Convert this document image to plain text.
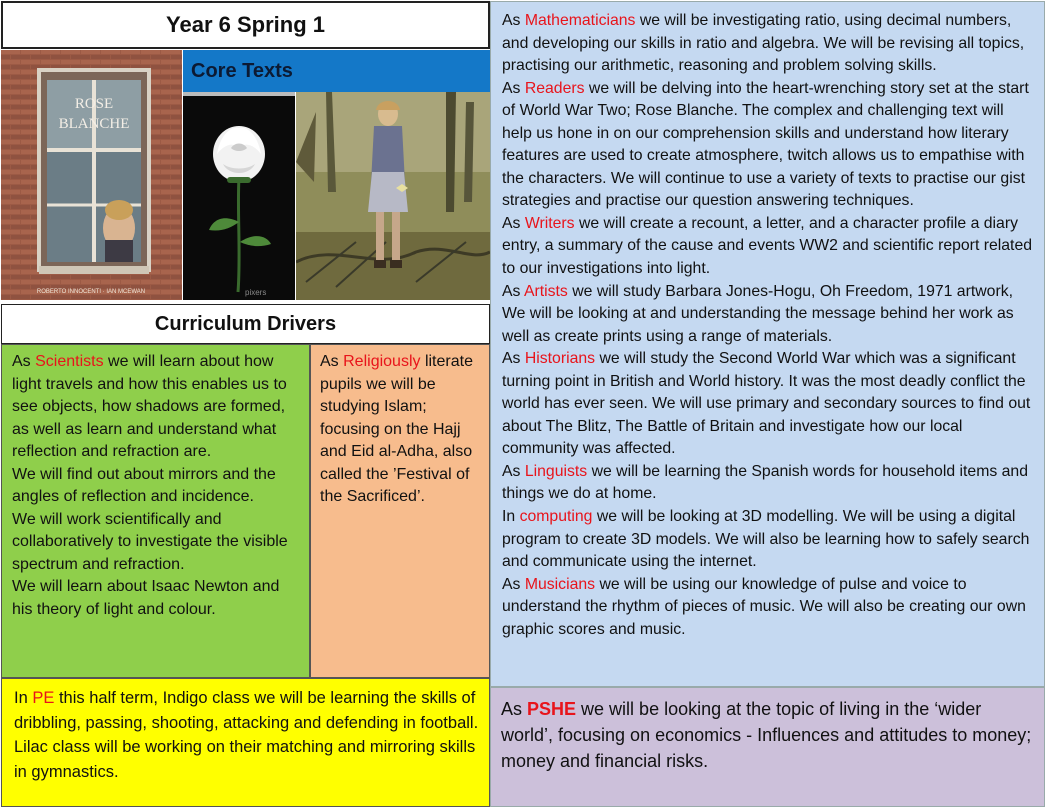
Year 6 Spring 1
ROSE
BLANCHE
ROBERTO INNOCENTI · IAN MCEWAN
Core Texts
pixers
Curriculum Drivers

As Scientists we will learn about how light travels and how this enables us to see objects, how shadows are formed, as well as learn and understand what reflection and refraction are.

We will find out about mirrors and the angles of reflection and incidence.

We will work scientifically and collaboratively to investigate the visible spectrum and refraction.

We will learn about Isaac Newton and his theory of light and colour.

As Religiously literate pupils we will be studying Islam; focusing on the Hajj and Eid al-Adha, also called the ’Festival of the Sacrificed’.

In PE this half term, Indigo class we will be learning the skills of dribbling, passing, shooting, attacking and defending in football.

Lilac class will be working on their matching and mirroring skills in gymnastics.

As Mathematicians we will be investigating ratio, using decimal numbers, and developing our skills in ratio and algebra. We will be revising all topics, practising our arithmetic, reasoning and problem solving skills.

As Readers we will be delving into the heart-wrenching story set at the start of World War Two; Rose Blanche. The complex and challenging text will help us hone in on our comprehension skills and understand how literary features are used to create atmosphere, twitch allows us to empathise with the characters. We will continue to use a variety of texts to practise our gist strategies and practise our question answering techniques.

As Writers we will create a recount, a letter, and a character profile a diary entry, a summary of the cause and events WW2 and scientific report related to our investigations into light.

As Artists we will study Barbara Jones-Hogu, Oh Freedom, 1971 artwork, We will be looking at and understanding the message behind her work as well as create prints using a range of materials.

As Historians we will study the Second World War which was a significant turning point in British and World history. It was the most deadly conflict the world has ever seen. We will use primary and secondary sources to find out about The Blitz, The Battle of Britain and investigate how our local community was affected.

As Linguists we will be learning the Spanish words for household items and things we do at home.

In computing we will be looking at 3D modelling. We will be using a digital program to create 3D models. We will also be learning how to safely search and communicate using the internet.

As Musicians we will be using our knowledge of pulse and voice to understand the rhythm of pieces of music. We will also be creating our own graphic scores and music.

As PSHE we will be looking at the topic of living in the ‘wider world’, focusing on economics - Influences and attitudes to money; money and financial risks.
